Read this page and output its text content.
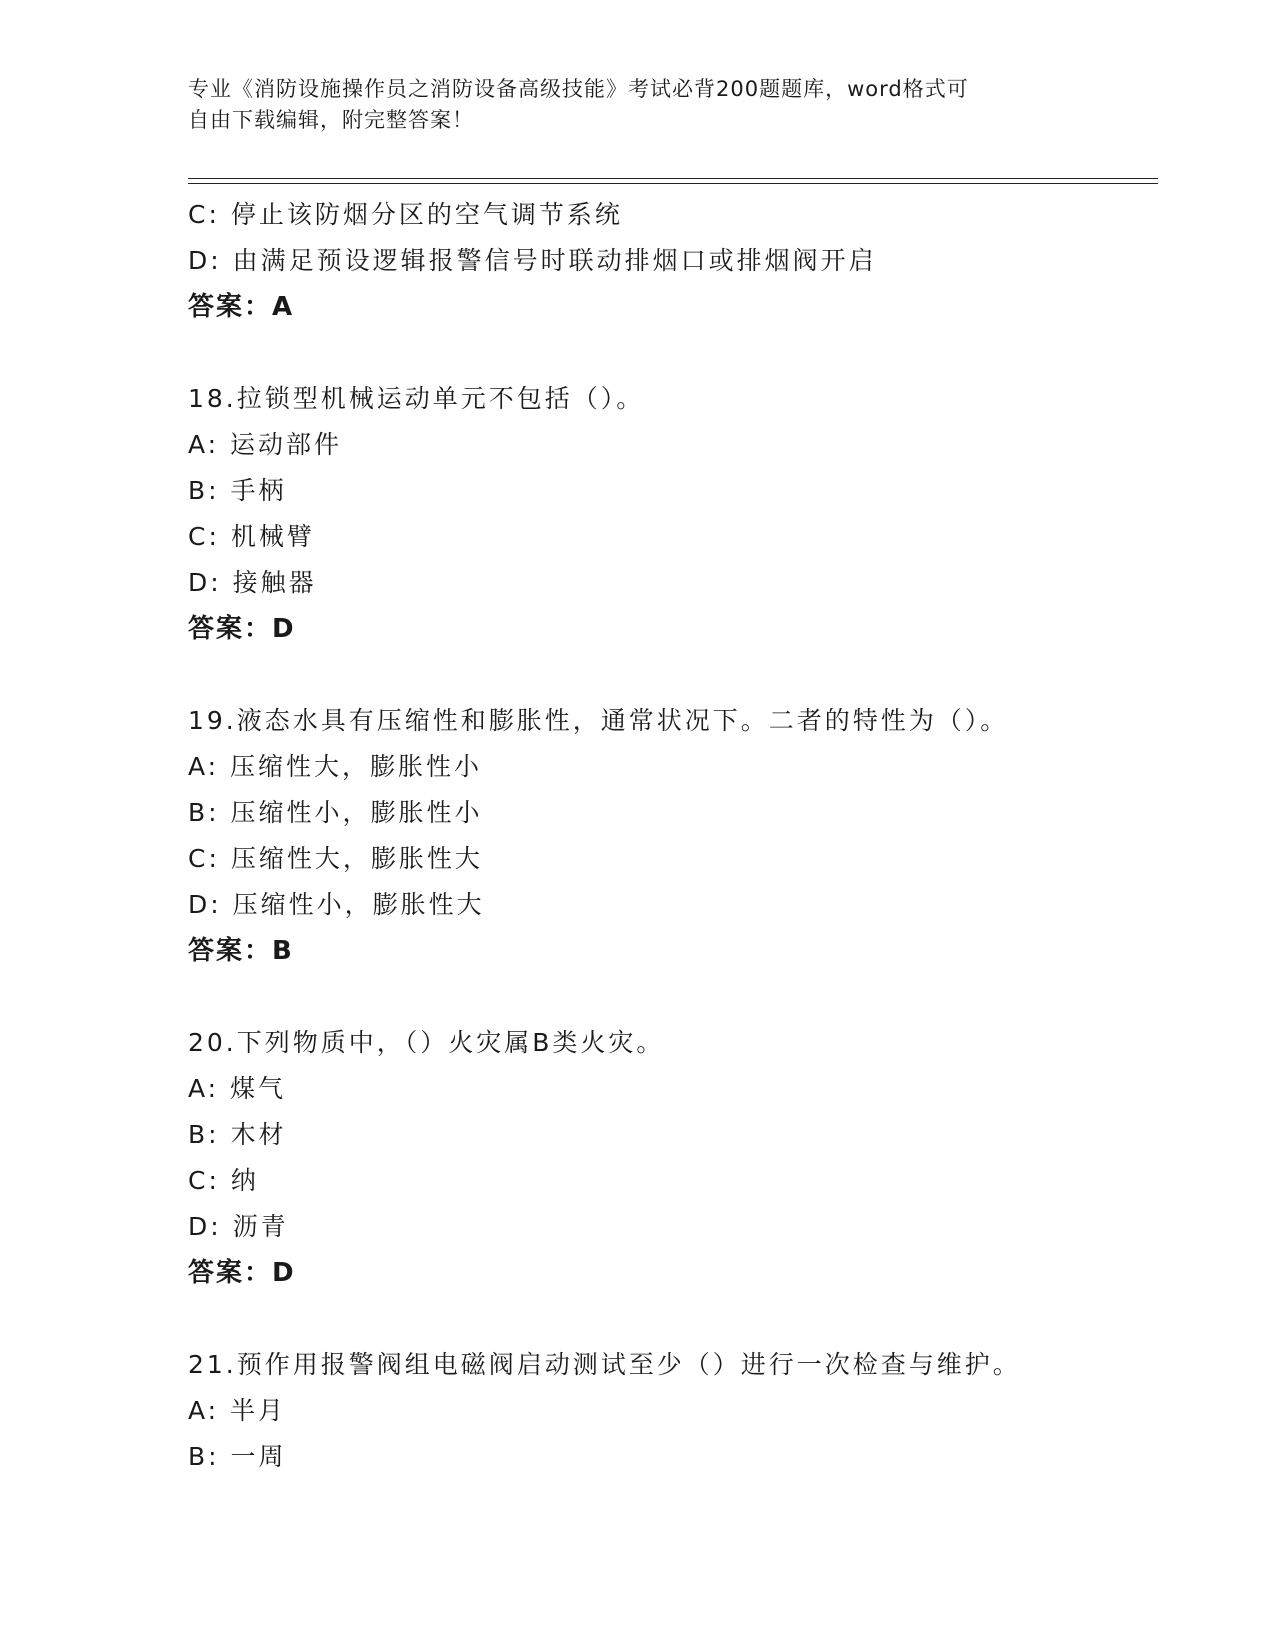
专业《消防设施操作员之消防设备高级技能》考试必背200题题库，word格式可
自由下载编辑，附完整答案！
C: 停止该防烟分区的空气调节系统
D: 由满足预设逻辑报警信号时联动排烟口或排烟阀开启
答案：A
18.拉锁型机械运动单元不包括（）。
A: 运动部件
B: 手柄
C: 机械臂
D: 接触器
答案：D
19.液态水具有压缩性和膨胀性，通常状况下。二者的特性为（）。
A: 压缩性大，膨胀性小
B: 压缩性小，膨胀性小
C: 压缩性大，膨胀性大
D: 压缩性小，膨胀性大
答案：B
20.下列物质中，（）火灾属B类火灾。
A: 煤气
B: 木材
C: 纳
D: 沥青
答案：D
21.预作用报警阀组电磁阀启动测试至少（）进行一次检查与维护。
A: 半月
B: 一周
